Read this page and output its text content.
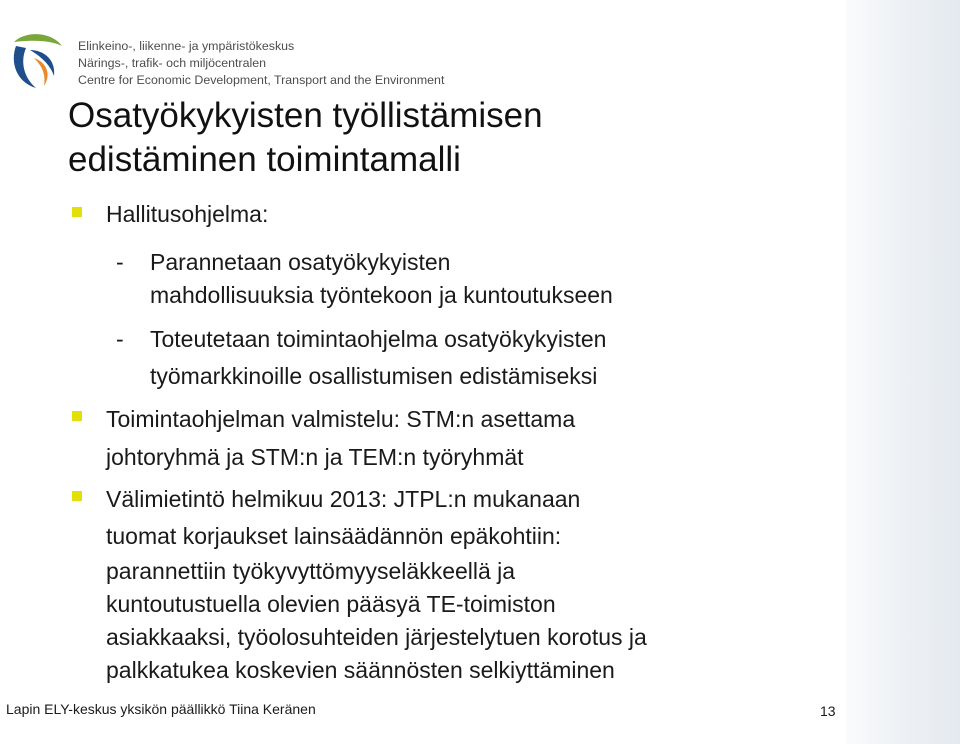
Elinkeino-, liikenne- ja ympäristökeskus
Närings-, trafik- och miljöcentralen
Centre for Economic Development, Transport and the Environment
Osatyökykyisten työllistämisen
edistäminen toimintamalli
Hallitusohjelma:
- Parannetaan osatyökykyisten
mahdollisuuksia työntekoon ja kuntoutukseen
- Toteutetaan toimintaohjelma osatyökykyisten
työmarkkinoille osallistumisen edistämiseksi
Toimintaohjelman valmistelu: STM:n asettama
johtoryhmä ja STM:n ja TEM:n työryhmät
Välimietintö helmikuu 2013: JTPL:n mukanaan
tuomat korjaukset lainsäädännön epäkohtiin:
parannettiin työkyvyttömyyseläkkeellä ja
kuntoutustuella olevien pääsyä TE-toimiston
asiakkaaksi, työolosuhteiden järjestelytuen korotus ja
palkkatukea koskevien säännösten selkiyttäminen
Lapin ELY-keskus yksikön päällikkö Tiina Keränen	13
